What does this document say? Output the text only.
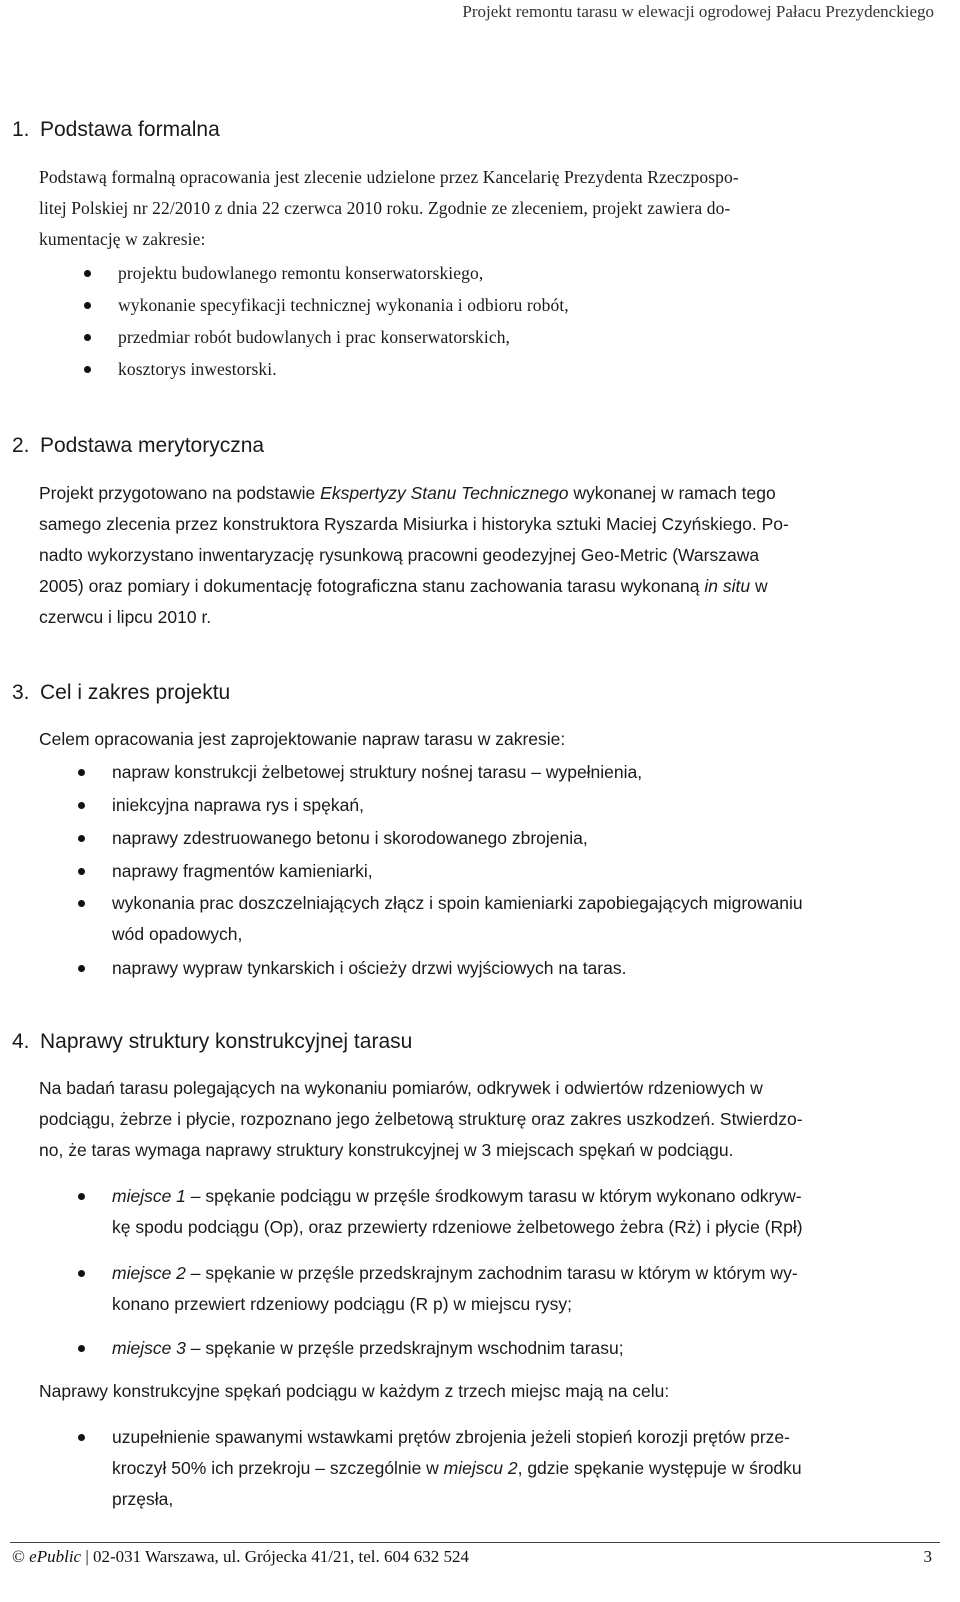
Projekt remontu tarasu w elewacji ogrodowej Pałacu Prezydenckiego
1. Podstawa formalna
Podstawą formalną opracowania jest zlecenie udzielone przez Kancelarię Prezydenta Rzeczpospo-
litej Polskiej nr 22/2010 z dnia 22 czerwca 2010 roku. Zgodnie ze zleceniem, projekt zawiera do-
kumentację w zakresie:
projektu budowlanego remontu konserwatorskiego,
wykonanie specyfikacji technicznej wykonania i odbioru robót,
przedmiar robót budowlanych i prac konserwatorskich,
kosztorys inwestorski.
2. Podstawa merytoryczna
Projekt przygotowano na podstawie Ekspertyzy Stanu Technicznego wykonanej w ramach tego
samego zlecenia przez konstruktora Ryszarda Misiurka i historyka sztuki Maciej Czyńskiego. Po-
nadto wykorzystano inwentaryzację rysunkową pracowni geodezyjnej Geo-Metric (Warszawa
2005) oraz pomiary i dokumentację fotograficzna stanu zachowania tarasu wykonaną in situ w
czerwcu i lipcu 2010 r.
3. Cel i zakres projektu
Celem opracowania jest zaprojektowanie napraw tarasu w zakresie:
napraw konstrukcji żelbetowej struktury nośnej tarasu – wypełnienia,
iniekcyjna naprawa rys i spękań,
naprawy zdestruowanego betonu i skorodowanego zbrojenia,
naprawy fragmentów kamieniarki,
wykonania prac doszczelniających złącz i spoin kamieniarki zapobiegających migrowaniu
wód opadowych,
naprawy wypraw tynkarskich i ościeży drzwi wyjściowych na taras.
4. Naprawy struktury konstrukcyjnej tarasu
Na badań tarasu polegających na wykonaniu pomiarów, odkrywek i odwiertów rdzeniowych w
podciągu, żebrze i płycie, rozpoznano jego żelbetową strukturę oraz zakres uszkodzeń. Stwierdzo-
no, że taras wymaga naprawy struktury konstrukcyjnej w 3 miejscach spękań w podciągu.
miejsce 1 – spękanie podciągu w przęśle środkowym tarasu w którym wykonano odkryw-
kę spodu podciągu (Op), oraz przewierty rdzeniowe żelbetowego żebra (Rż) i płycie (Rpł)
miejsce 2 – spękanie w przęśle przedskrajnym zachodnim tarasu w którym w którym wy-
konano przewiert rdzeniowy podciągu (R p) w miejscu rysy;
miejsce 3 – spękanie w przęśle przedskrajnym wschodnim tarasu;
Naprawy konstrukcyjne spękań podciągu w każdym z trzech miejsc mają na celu:
uzupełnienie spawanymi wstawkami prętów zbrojenia jeżeli stopień korozji prętów prze-
kroczył 50% ich przekroju – szczególnie w miejscu 2, gdzie spękanie występuje w środku
przęsła,
© ePublic | 02-031 Warszawa, ul. Grójecka 41/21, tel. 604 632 524	3
